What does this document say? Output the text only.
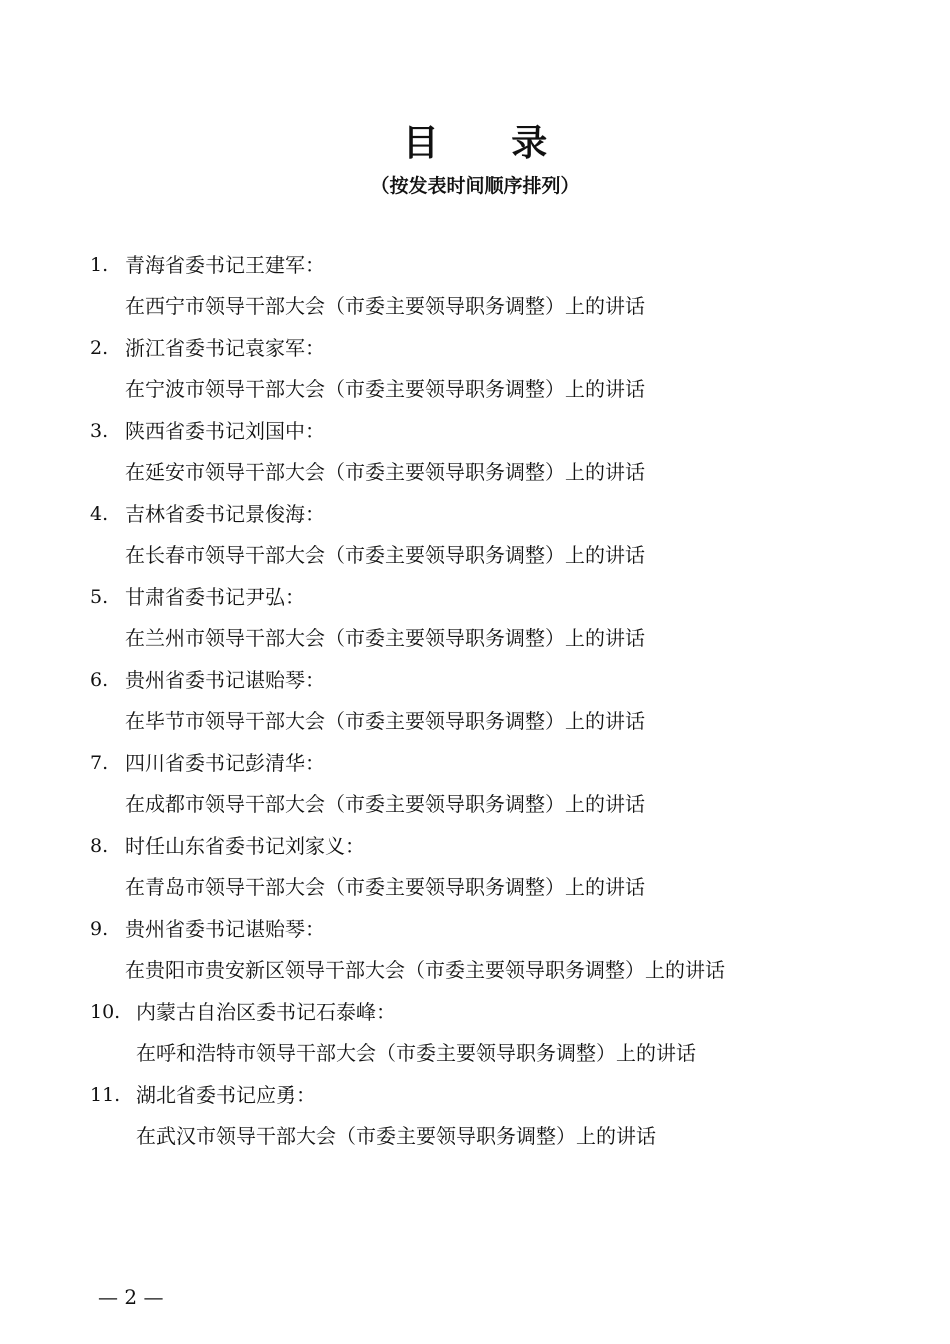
目 录
（按发表时间顺序排列）
1. 青海省委书记王建军：
在西宁市领导干部大会（市委主要领导职务调整）上的讲话
2. 浙江省委书记袁家军：
在宁波市领导干部大会（市委主要领导职务调整）上的讲话
3. 陕西省委书记刘国中：
在延安市领导干部大会（市委主要领导职务调整）上的讲话
4. 吉林省委书记景俊海：
在长春市领导干部大会（市委主要领导职务调整）上的讲话
5. 甘肃省委书记尹弘：
在兰州市领导干部大会（市委主要领导职务调整）上的讲话
6. 贵州省委书记谌贻琴：
在毕节市领导干部大会（市委主要领导职务调整）上的讲话
7. 四川省委书记彭清华：
在成都市领导干部大会（市委主要领导职务调整）上的讲话
8. 时任山东省委书记刘家义：
在青岛市领导干部大会（市委主要领导职务调整）上的讲话
9. 贵州省委书记谌贻琴：
在贵阳市贵安新区领导干部大会（市委主要领导职务调整）上的讲话
10. 内蒙古自治区委书记石泰峰：
在呼和浩特市领导干部大会（市委主要领导职务调整）上的讲话
11. 湖北省委书记应勇：
在武汉市领导干部大会（市委主要领导职务调整）上的讲话
— 2 —
